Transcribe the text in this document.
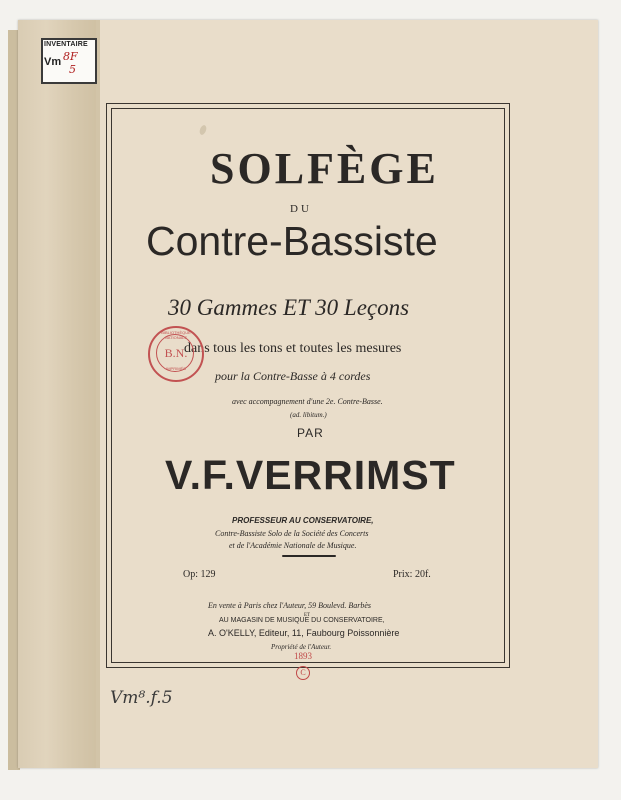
INVENTAIRE
Vm 8F
5
SOLFÈGE
DU
Contre-Bassiste
30 Gammes ET 30 Leçons
dans tous les tons et toutes les mesures
pour la Contre-Basse à 4 cordes
avec accompagnement d'une 2e. Contre-Basse.
(ad. libitum.)
PAR
V.F.VERRIMST
PROFESSEUR AU CONSERVATOIRE,
Contre-Bassiste Solo de la Société des Concerts
et de l'Académie Nationale de Musique.
Op: 129	Prix: 20f.
En vente à Paris chez l'Auteur, 59 Boulevd. Barbès
ET
AU MAGASIN DE MUSIQUE DU CONSERVATOIRE,
A. O'KELLY, Editeur, 11, Faubourg Poissonnière
Propriété de l'Auteur.
1893
C
BIBLIOTHÈQUE NATIONALE
B.N.
IMPRIMÉS
Vm⁸.f.5
